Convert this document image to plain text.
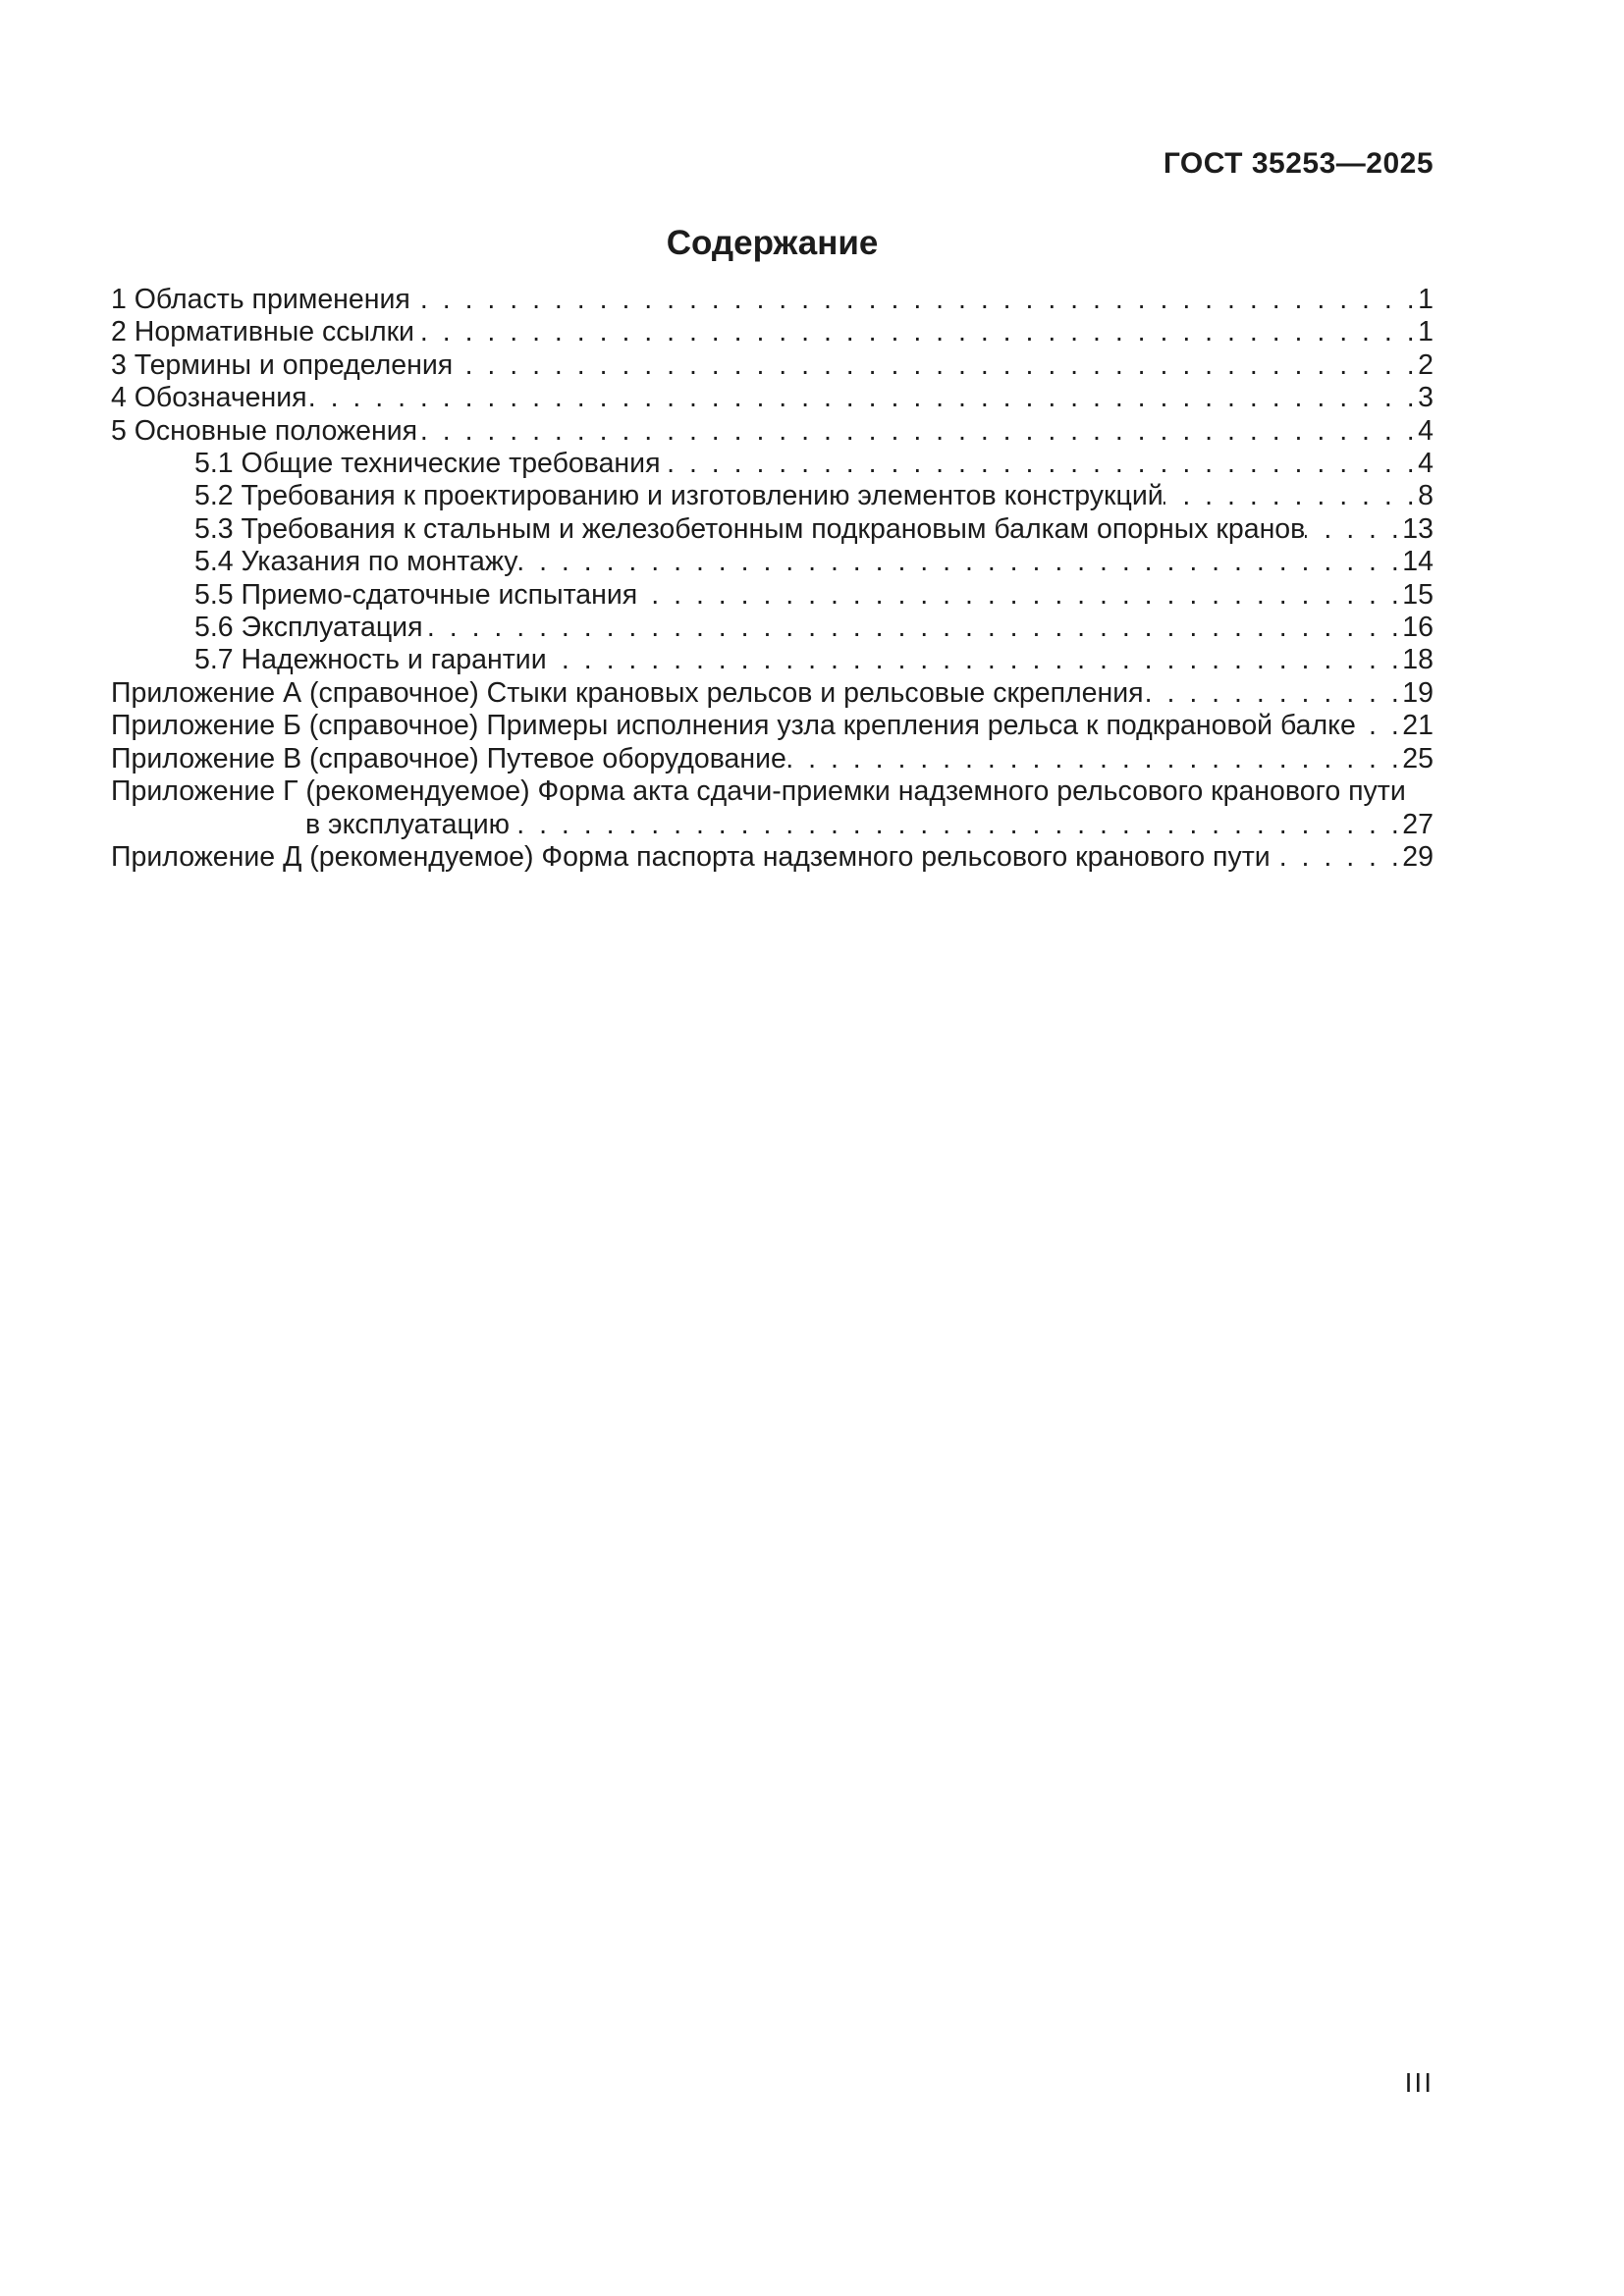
ГОСТ 35253—2025
Содержание
1 Область применения . . .	1
2 Нормативные ссылки . . .	1
3 Термины и определения . . .	2
4 Обозначения . . .	3
5 Основные положения . . .	4
5.1 Общие технические требования . . .	4
5.2 Требования к проектированию и изготовлению элементов конструкций . . .	8
5.3 Требования к стальным и железобетонным подкрановым балкам опорных кранов . . .	13
5.4 Указания по монтажу . . .	14
5.5 Приемо-сдаточные испытания . . .	15
5.6 Эксплуатация . . .	16
5.7 Надежность и гарантии . . .	18
Приложение А (справочное) Стыки крановых рельсов и рельсовые скрепления . . .	19
Приложение Б (справочное) Примеры исполнения узла крепления рельса к подкрановой балке . . . 21
Приложение В (справочное) Путевое оборудование . . .	25
Приложение Г (рекомендуемое) Форма акта сдачи-приемки надземного рельсового кранового пути
в эксплуатацию . . .	27
Приложение Д (рекомендуемое) Форма паспорта надземного рельсового кранового пути . . .	29
III
